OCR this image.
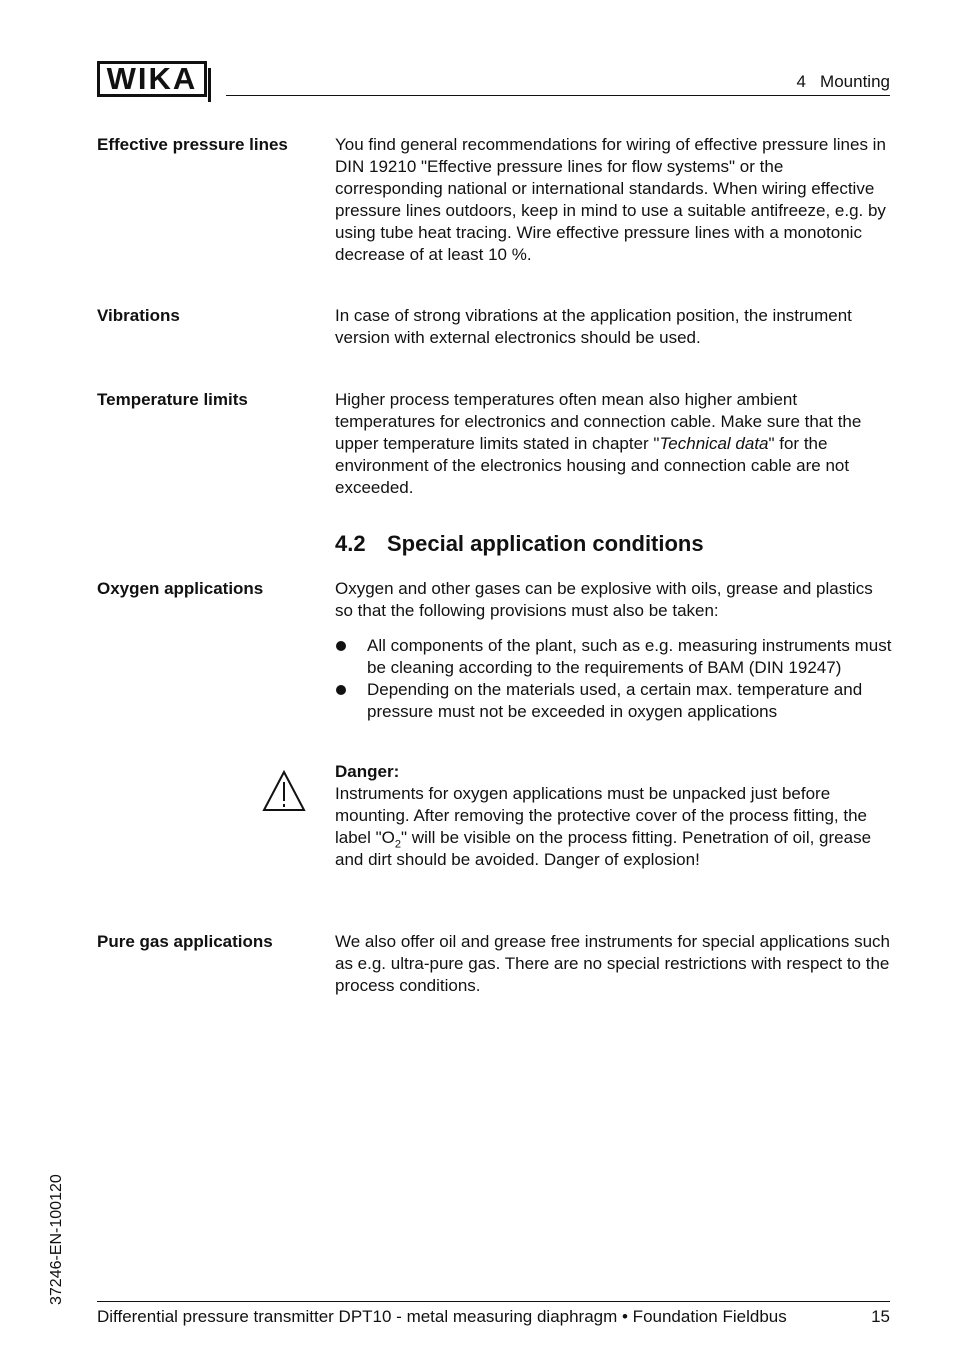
WIKA	4   Mounting
Effective pressure lines	You find general recommendations for wiring of effective pressure lines in DIN 19210 "Effective pressure lines for flow systems" or the corresponding national or international standards. When wiring effective pressure lines outdoors, keep in mind to use a suitable antifreeze, e.g. by using tube heat tracing. Wire effective pressure lines with a monotonic decrease of at least 10 %.
Vibrations	In case of strong vibrations at the application position, the instrument version with external electronics should be used.
Temperature limits	Higher process temperatures often mean also higher ambient temperatures for electronics and connection cable. Make sure that the upper temperature limits stated in chapter "Technical data" for the environment of the electronics housing and connection cable are not exceeded.
4.2 Special application conditions
Oxygen applications	Oxygen and other gases can be explosive with oils, grease and plastics so that the following provisions must also be taken:
All components of the plant, such as e.g. measuring instruments must be cleaning according to the requirements of BAM (DIN 19247)
Depending on the materials used, a certain max. temperature and pressure must not be exceeded in oxygen applications
Danger:
Instruments for oxygen applications must be unpacked just before mounting. After removing the protective cover of the process fitting, the label "$O_2$" will be visible on the process fitting. Penetration of oil, grease and dirt should be avoided. Danger of explosion!
Pure gas applications	We also offer oil and grease free instruments for special applications such as e.g. ultra-pure gas. There are no special restrictions with respect to the process conditions.
37246-EN-100120
Differential pressure transmitter DPT10 - metal measuring diaphragm • Foundation Fieldbus	15
